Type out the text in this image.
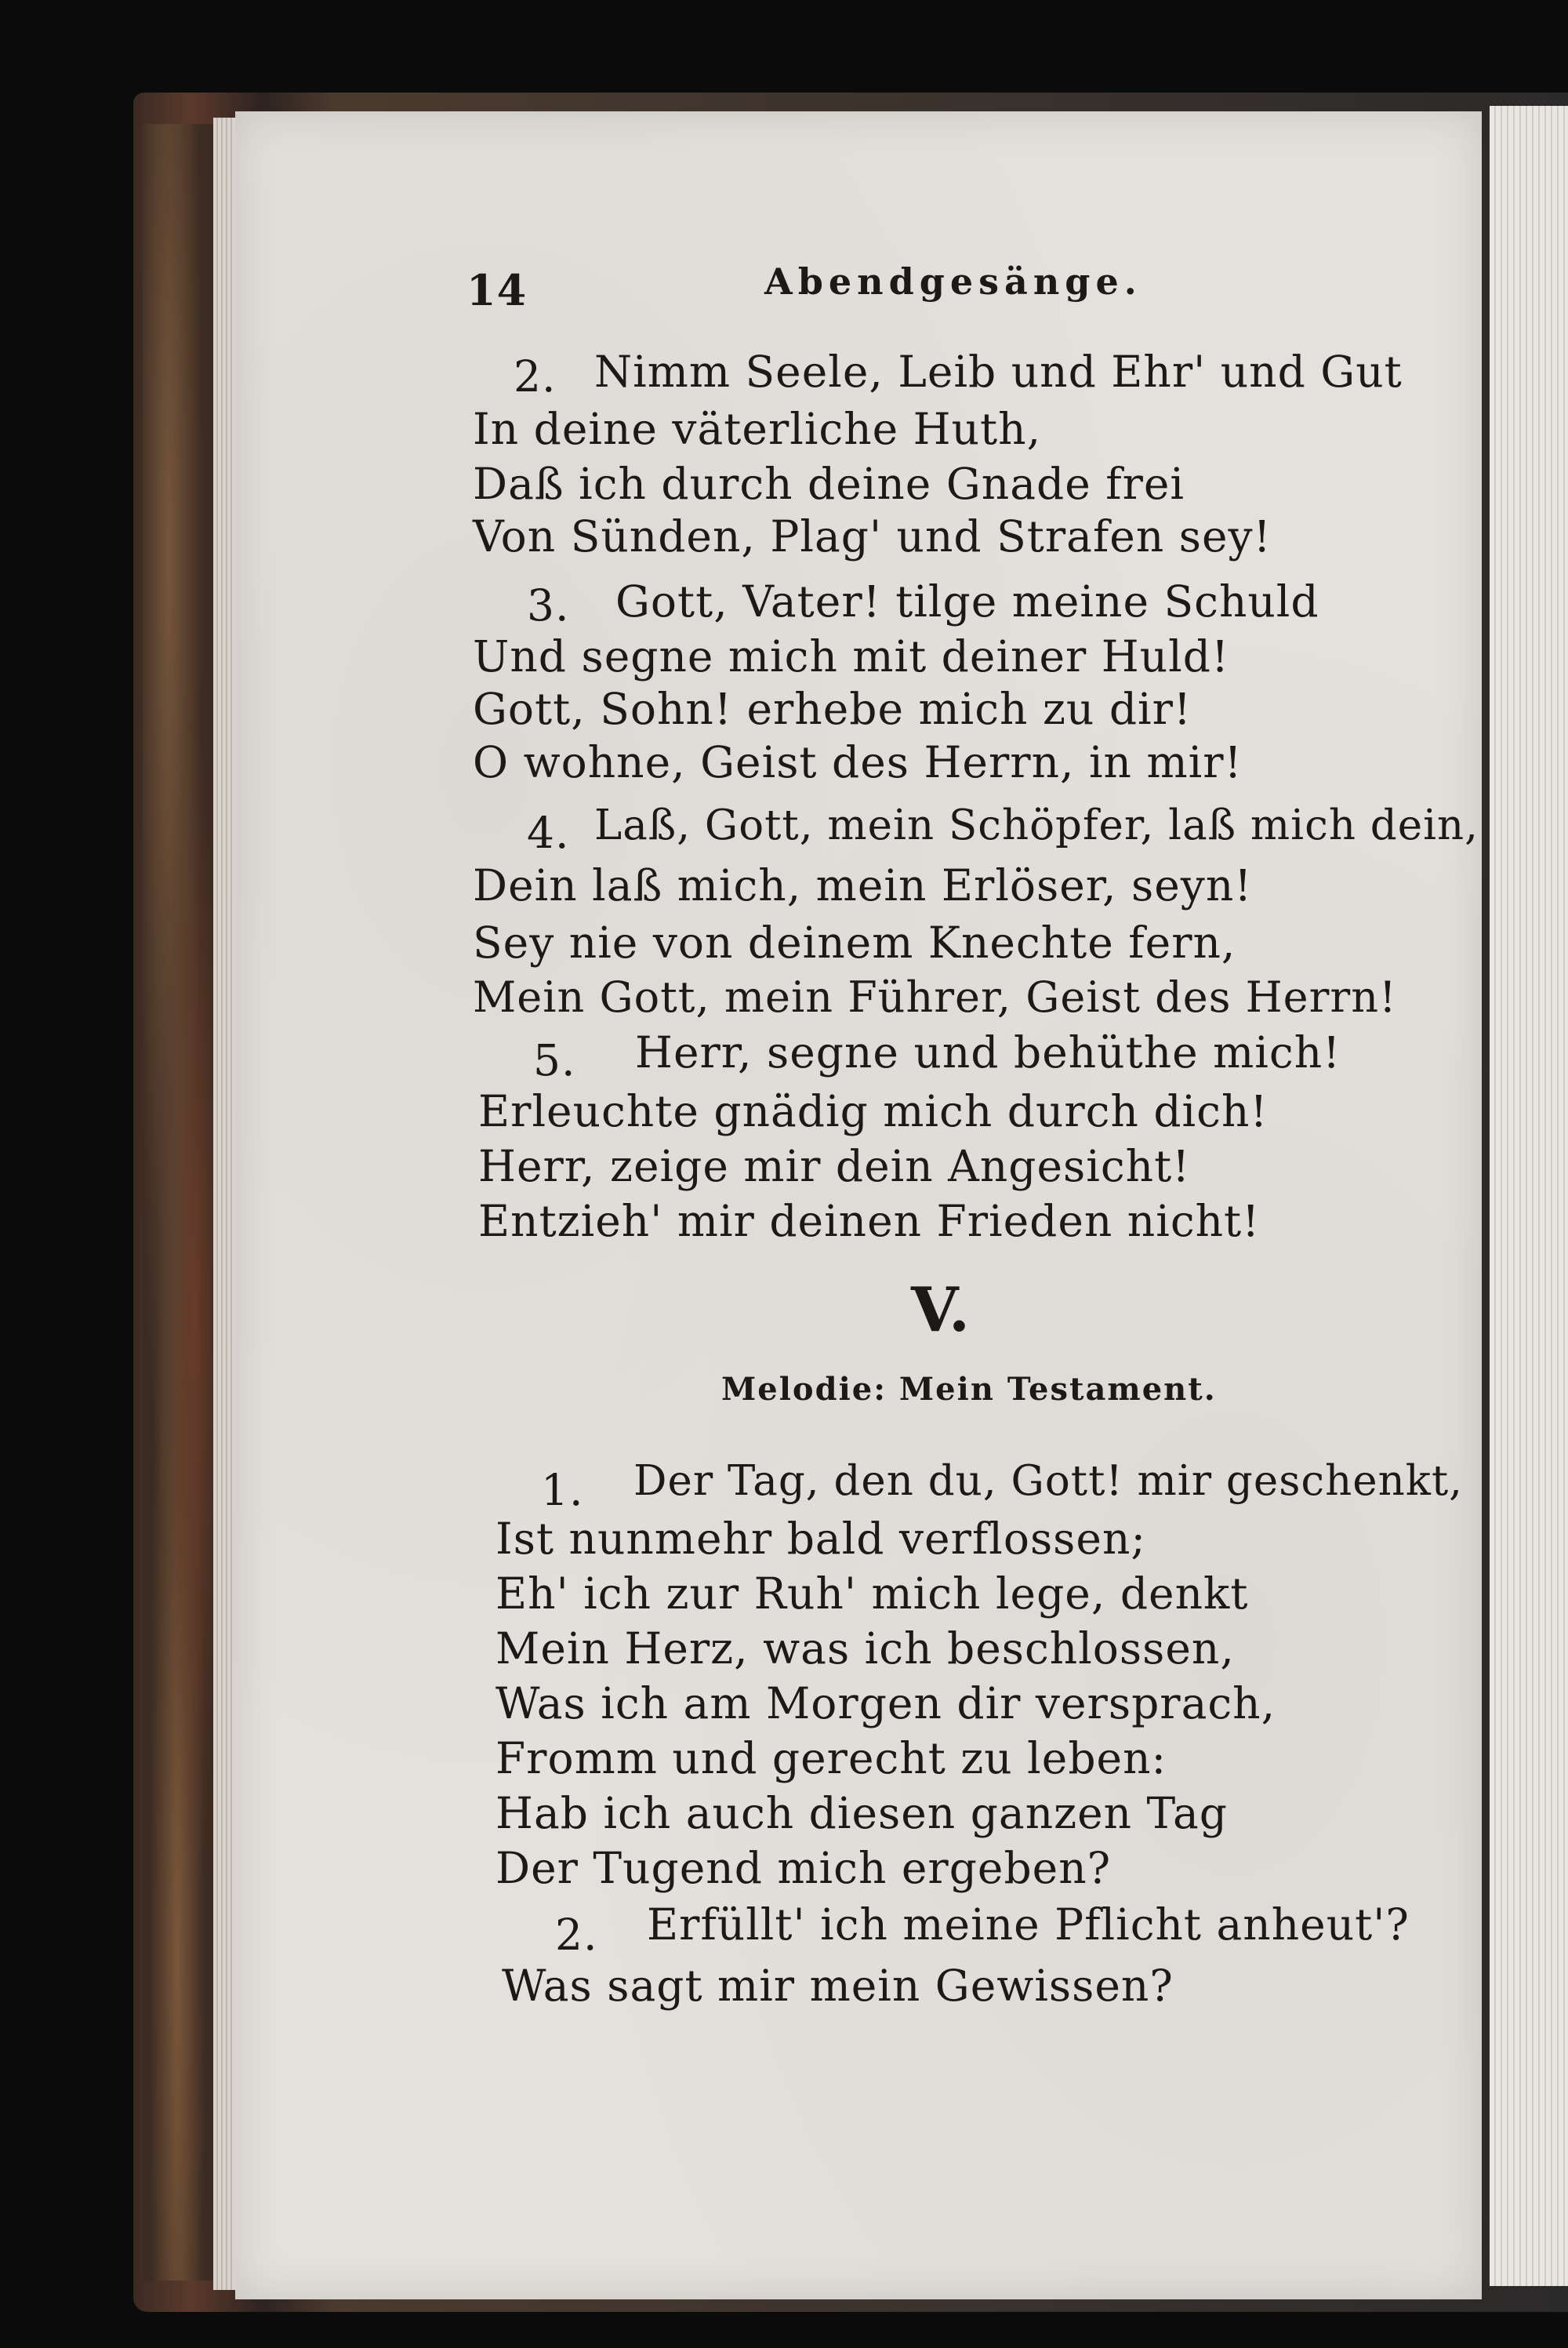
14	Abendgesänge.
2. Nimm Seele, Leib und Ehr' und Gut
In deine väterliche Huth,
Daß ich durch deine Gnade frei
Von Sünden, Plag' und Strafen sey!
3. Gott, Vater! tilge meine Schuld
Und segne mich mit deiner Huld!
Gott, Sohn! erhebe mich zu dir!
O wohne, Geist des Herrn, in mir!
4. Laß, Gott, mein Schöpfer, laß mich dein,
Dein laß mich, mein Erlöser, seyn!
Sey nie von deinem Knechte fern,
Mein Gott, mein Führer, Geist des Herrn!
5. Herr, segne und behüthe mich!
Erleuchte gnädig mich durch dich!
Herr, zeige mir dein Angesicht!
Entzieh' mir deinen Frieden nicht!
V.
Melodie: Mein Testament.
1. Der Tag, den du, Gott! mir geschenkt,
Ist nunmehr bald verflossen;
Eh' ich zur Ruh' mich lege, denkt
Mein Herz, was ich beschlossen,
Was ich am Morgen dir versprach,
Fromm und gerecht zu leben:
Hab ich auch diesen ganzen Tag
Der Tugend mich ergeben?
2. Erfüllt' ich meine Pflicht anheut'?
Was sagt mir mein Gewissen?
